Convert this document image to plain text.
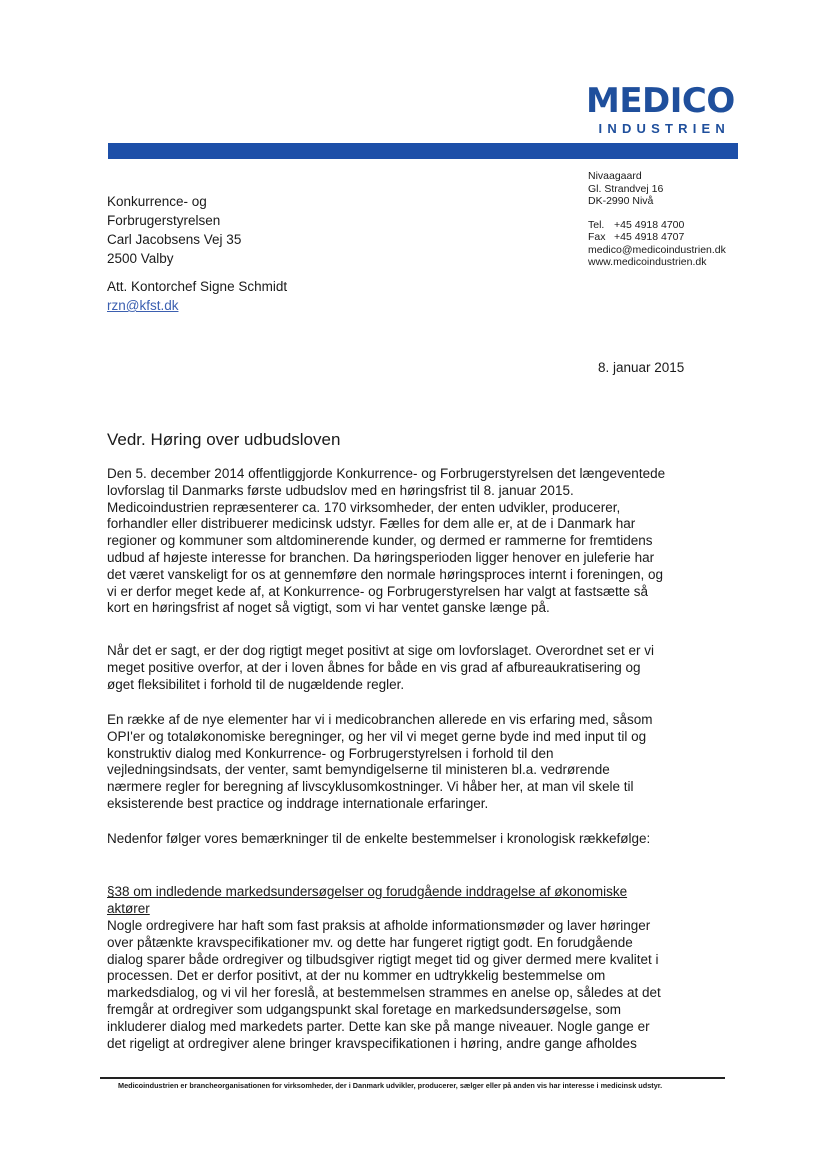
MEDICO
INDUSTRIEN
Nivaagaard
Gl. Strandvej 16
DK-2990 Nivå
Tel. +45 4918 4700
Fax +45 4918 4707
medico@medicoindustrien.dk
www.medicoindustrien.dk
Konkurrence- og
Forbrugerstyrelsen
Carl Jacobsens Vej 35
2500 Valby
Att. Kontorchef Signe Schmidt
rzn@kfst.dk
8. januar 2015
Vedr. Høring over udbudsloven

Den 5. december 2014 offentliggjorde Konkurrence- og Forbrugerstyrelsen det længeventede lovforslag til Danmarks første udbudslov med en høringsfrist til 8. januar 2015. Medicoindustrien repræsenterer ca. 170 virksomheder, der enten udvikler, producerer, forhandler eller distribuerer medicinsk udstyr. Fælles for dem alle er, at de i Danmark har regioner og kommuner som altdominerende kunder, og dermed er rammerne for fremtidens udbud af højeste interesse for branchen. Da høringsperioden ligger henover en juleferie har det været vanskeligt for os at gennemføre den normale høringsproces internt i foreningen, og vi er derfor meget kede af, at Konkurrence- og Forbrugerstyrelsen har valgt at fastsætte så kort en høringsfrist af noget så vigtigt, som vi har ventet ganske længe på.

Når det er sagt, er der dog rigtigt meget positivt at sige om lovforslaget. Overordnet set er vi meget positive overfor, at der i loven åbnes for både en vis grad af afbureaukratisering og øget fleksibilitet i forhold til de nugældende regler.

En række af de nye elementer har vi i medicobranchen allerede en vis erfaring med, såsom OPI'er og totaløkonomiske beregninger, og her vil vi meget gerne byde ind med input til og konstruktiv dialog med Konkurrence- og Forbrugerstyrelsen i forhold til den vejledningsindsats, der venter, samt bemyndigelserne til ministeren bl.a. vedrørende nærmere regler for beregning af livscyklusomkostninger. Vi håber her, at man vil skele til eksisterende best practice og inddrage internationale erfaringer.

Nedenfor følger vores bemærkninger til de enkelte bestemmelser i kronologisk rækkefølge:

§38 om indledende markedsundersøgelser og forudgående inddragelse af økonomiske aktører

Nogle ordregivere har haft som fast praksis at afholde informationsmøder og laver høringer over påtænkte kravspecifikationer mv. og dette har fungeret rigtigt godt. En forudgående dialog sparer både ordregiver og tilbudsgiver rigtigt meget tid og giver dermed mere kvalitet i processen. Det er derfor positivt, at der nu kommer en udtrykkelig bestemmelse om markedsdialog, og vi vil her foreslå, at bestemmelsen strammes en anelse op, således at det fremgår at ordregiver som udgangspunkt skal foretage en markedsundersøgelse, som inkluderer dialog med markedets parter. Dette kan ske på mange niveauer. Nogle gange er det rigeligt at ordregiver alene bringer kravspecifikationen i høring, andre gange afholdes

Medicoindustrien er brancheorganisationen for virksomheder, der i Danmark udvikler, producerer, sælger eller på anden vis har interesse i medicinsk udstyr.
